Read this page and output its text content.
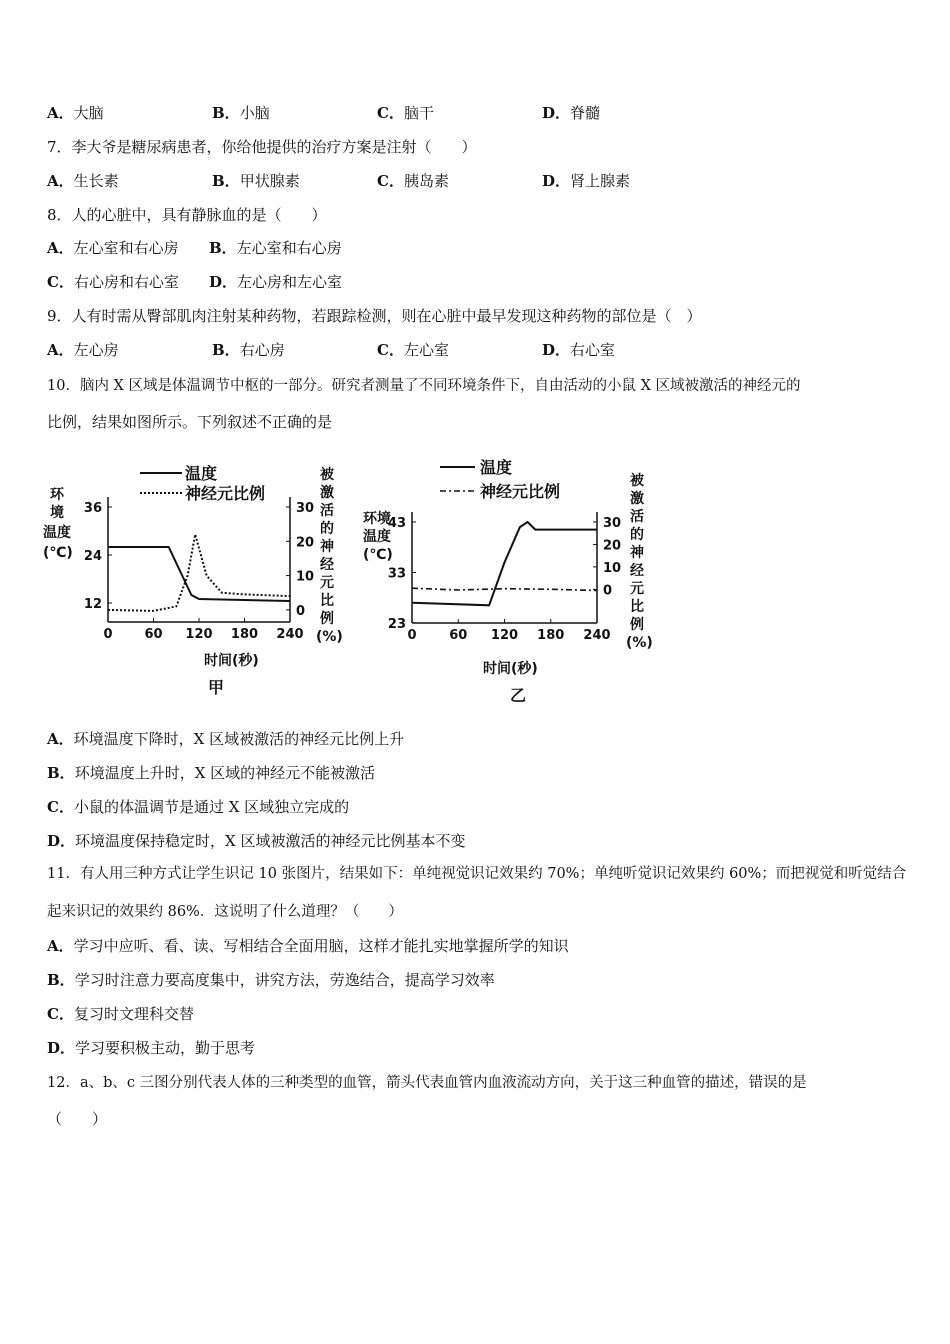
A．大脑	B．小脑	C．脑干	D．脊髓
7．李大爷是糖尿病患者，你给他提供的治疗方案是注射（　　）
A．生长素	B．甲状腺素	C．胰岛素	D．肾上腺素
8．人的心脏中，具有静脉血的是（　　）
A．左心室和右心房 B．左心室和右心房
C．右心房和右心室 D．左心房和左心室
9．人有时需从臀部肌肉注射某种药物，若跟踪检测，则在心脏中最早发现这种药物的部位是（　）
A．左心房	B．右心房	C．左心室	D．右心室
10．脑内 X 区域是体温调节中枢的一部分。研究者测量了不同环境条件下，自由活动的小鼠 X 区域被激活的神经元的
比例，结果如图所示。下列叙述不正确的是
温度
神经元比例
环
境
温度
(℃)
0 60 120 180 240
36
24
12
30
20
10
0
被
激
活
的
神
经
元
比
例
(%)
时间(秒)
甲
温度
神经元比例
环境
温度
(℃)
0	60 120 180 240
43
33
23
30
20
10
0
被
激
活
的
神
经
元
比
例
(%)
时间(秒)
乙
A．环境温度下降时，X 区域被激活的神经元比例上升
B．环境温度上升时，X 区域的神经元不能被激活
C．小鼠的体温调节是通过 X 区域独立完成的
D．环境温度保持稳定时，X 区域被激活的神经元比例基本不变
11．有人用三种方式让学生识记 10 张图片，结果如下：单纯视觉识记效果约 70%；单纯听觉识记效果约 60%；而把视觉和听觉结合起来识记的效果约 86%．这说明了什么道理？（　　）
A．学习中应听、看、读、写相结合全面用脑，这样才能扎实地掌握所学的知识
B．学习时注意力要高度集中，讲究方法，劳逸结合，提高学习效率
C．复习时文理科交替
D．学习要积极主动，勤于思考
12．a、b、c 三图分别代表人体的三种类型的血管，箭头代表血管内血液流动方向，关于这三种血管的描述，错误的是
（　　）
